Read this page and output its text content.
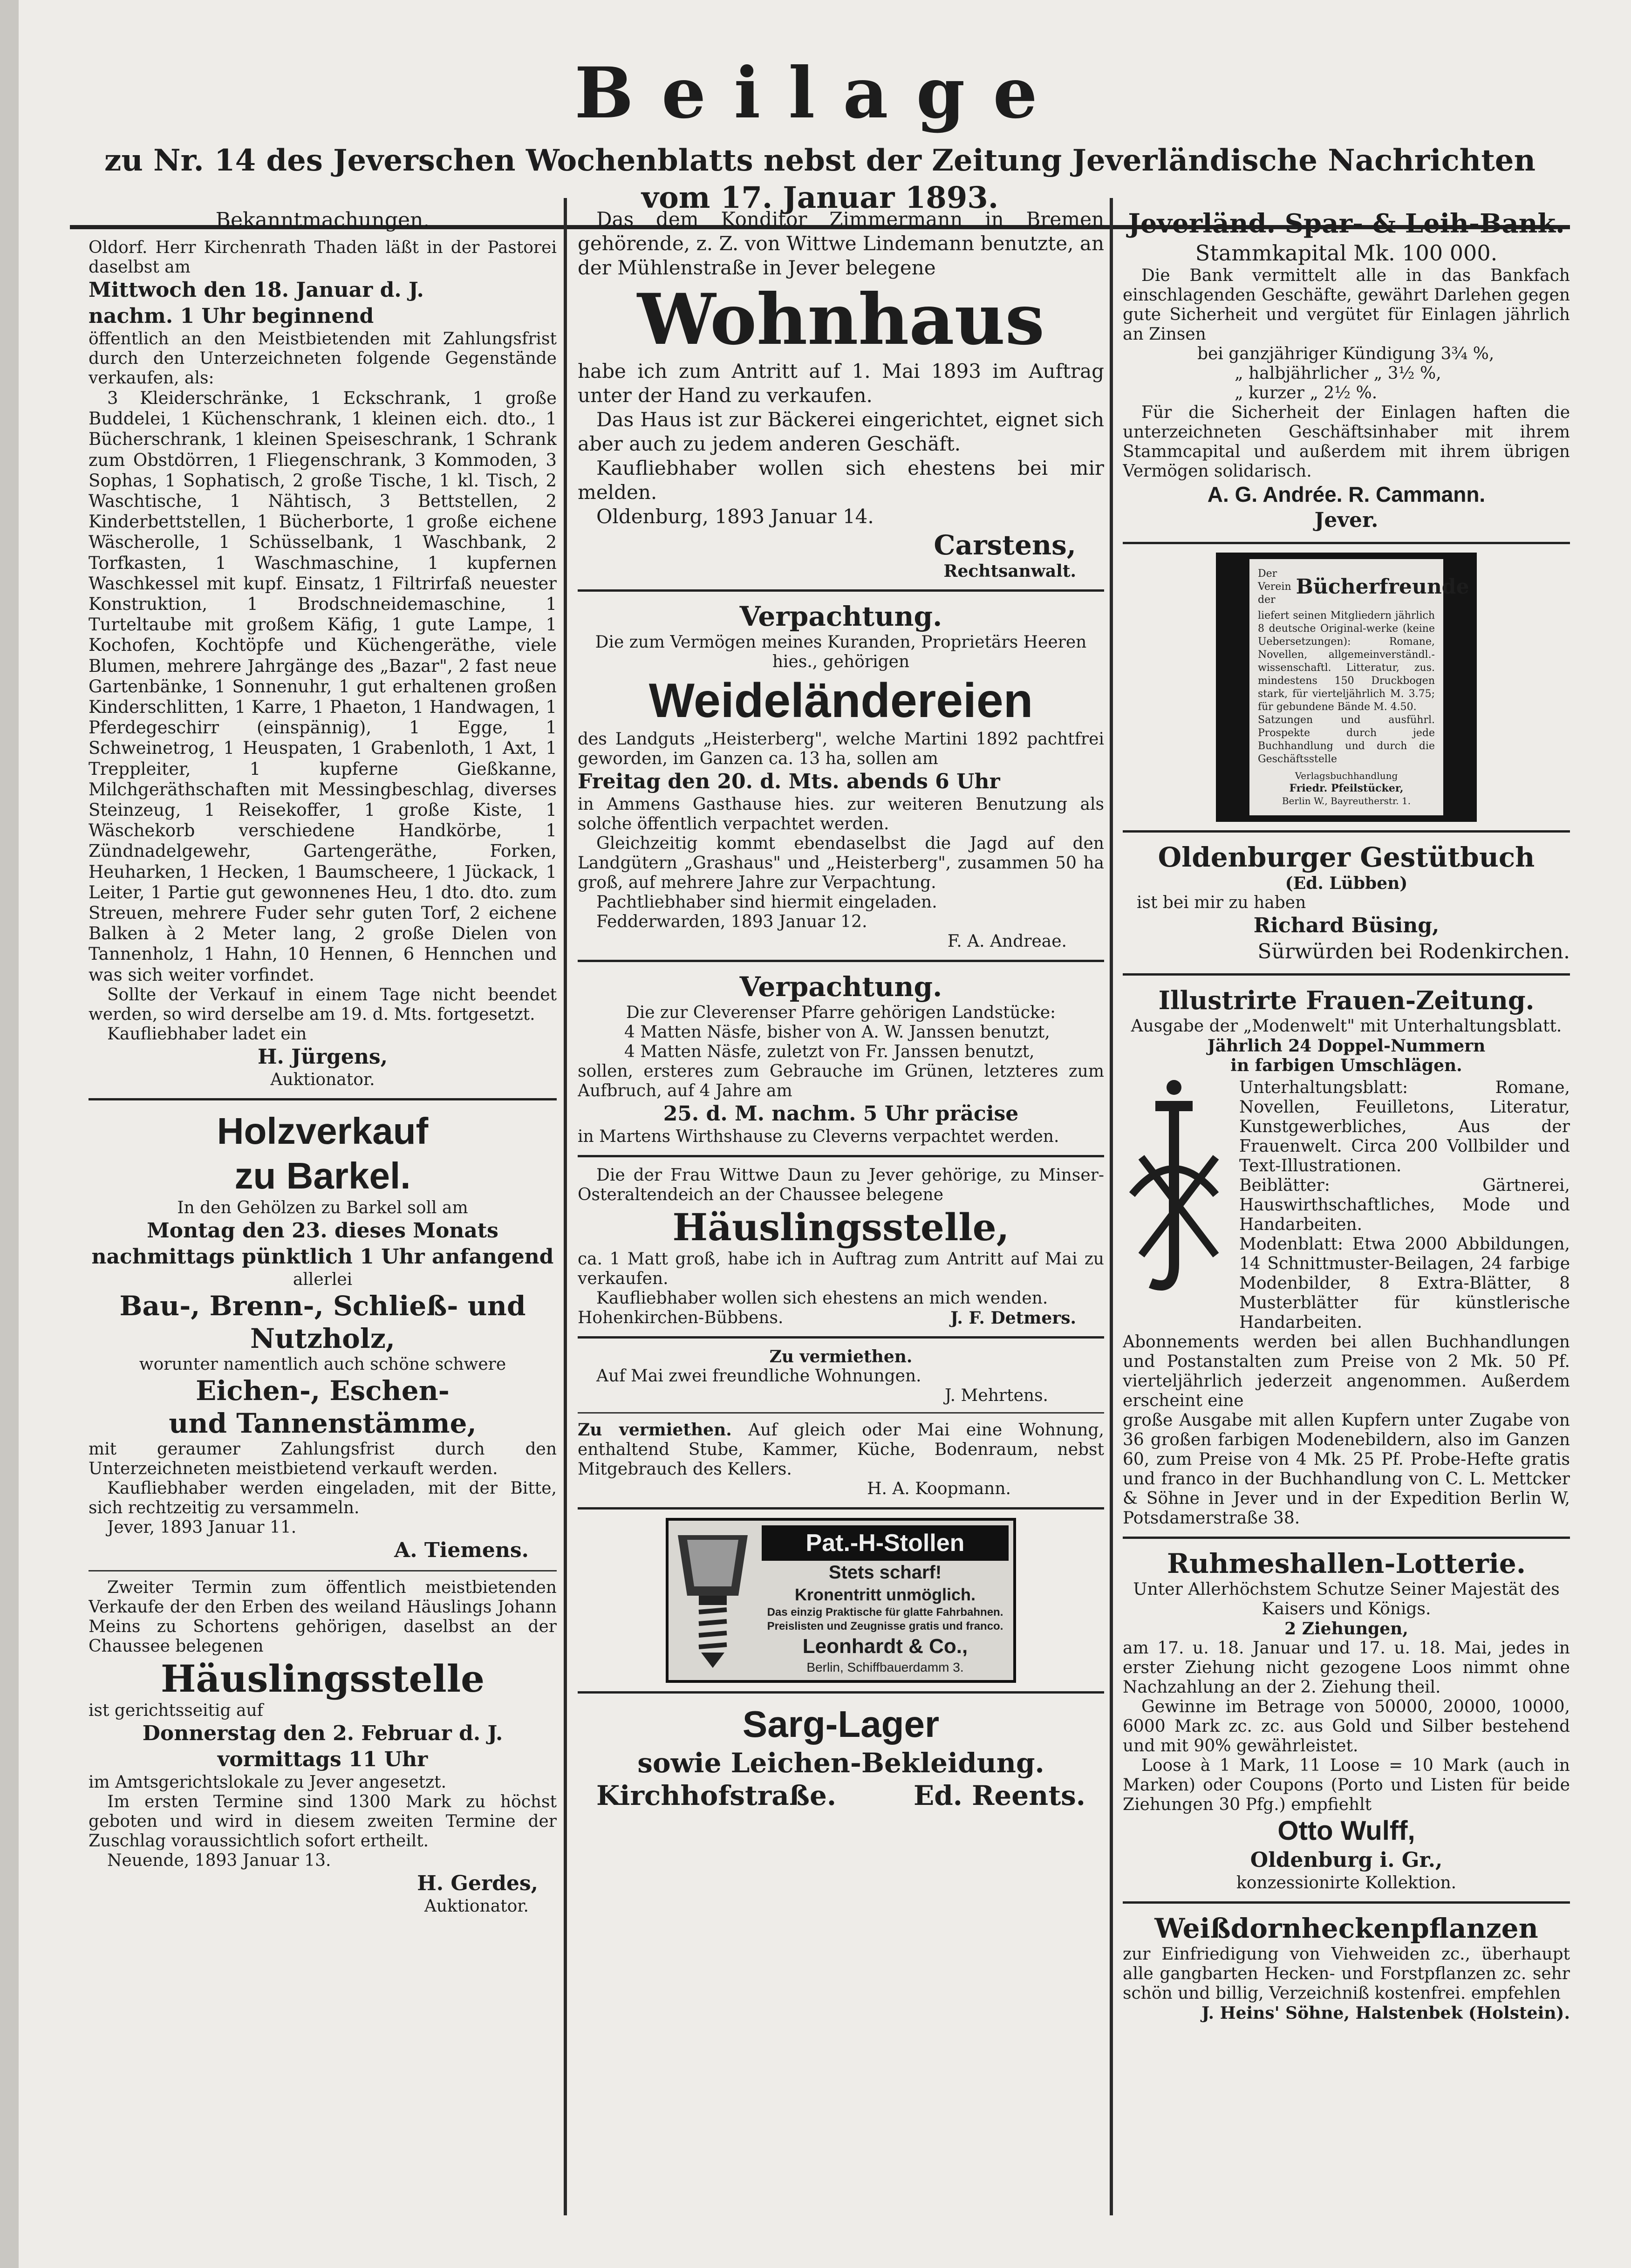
Beilage
zu Nr. 14 des Jeverschen Wochenblatts nebst der Zeitung Jeverländische Nachrichten vom 17. Januar 1893.

Bekanntmachungen.

Oldorf. Herr Kirchenrath Thaden läßt in der Pastorei daselbst am

Mittwoch den 18. Januar d. J.

nachm. 1 Uhr beginnend

öffentlich an den Meistbietenden mit Zahlungsfrist durch den Unterzeichneten folgende Gegenstände verkaufen, als:

3 Kleiderschränke, 1 Eckschrank, 1 große Buddelei, 1 Küchenschrank, 1 kleinen eich. dto., 1 Bücherschrank, 1 kleinen Speiseschrank, 1 Schrank zum Obstdörren, 1 Fliegenschrank, 3 Kommoden, 3 Sophas, 1 Sophatisch, 2 große Tische, 1 kl. Tisch, 2 Waschtische, 1 Nähtisch, 3 Bettstellen, 2 Kinderbettstellen, 1 Bücherborte, 1 große eichene Wäscherolle, 1 Schüsselbank, 1 Waschbank, 2 Torfkasten, 1 Waschmaschine, 1 kupfernen Waschkessel mit kupf. Einsatz, 1 Filtrirfaß neuester Konstruktion, 1 Brodschneidemaschine, 1 Turteltaube mit großem Käfig, 1 gute Lampe, 1 Kochofen, Kochtöpfe und Küchengeräthe, viele Blumen, mehrere Jahrgänge des „Bazar", 2 fast neue Gartenbänke, 1 Sonnenuhr, 1 gut erhaltenen großen Kinderschlitten, 1 Karre, 1 Phaeton, 1 Handwagen, 1 Pferdegeschirr (einspännig), 1 Egge, 1 Schweinetrog, 1 Heuspaten, 1 Grabenloth, 1 Axt, 1 Treppleiter, 1 kupferne Gießkanne, Milchgeräthschaften mit Messingbeschlag, diverses Steinzeug, 1 Reisekoffer, 1 große Kiste, 1 Wäschekorb verschiedene Handkörbe, 1 Zündnadelgewehr, Gartengeräthe, Forken, Heuharken, 1 Hecken, 1 Baumscheere, 1 Jückack, 1 Leiter, 1 Partie gut gewonnenes Heu, 1 dto. dto. zum Streuen, mehrere Fuder sehr guten Torf, 2 eichene Balken à 2 Meter lang, 2 große Dielen von Tannenholz, 1 Hahn, 10 Hennen, 6 Hennchen und was sich weiter vorfindet.

Sollte der Verkauf in einem Tage nicht beendet werden, so wird derselbe am 19. d. Mts. fortgesetzt.

Kaufliebhaber ladet ein

H. Jürgens,

Auktionator.

Holzverkauf

zu Barkel.

In den Gehölzen zu Barkel soll am

Montag den 23. dieses Monats

nachmittags pünktlich 1 Uhr anfangend

allerlei

Bau-, Brenn-, Schließ- und

Nutzholz,

worunter namentlich auch schöne schwere

Eichen-, Eschen-

und Tannenstämme,

mit geraumer Zahlungsfrist durch den Unterzeichneten meistbietend verkauft werden.

Kaufliebhaber werden eingeladen, mit der Bitte, sich rechtzeitig zu versammeln.

Jever, 1893 Januar 11.

A. Tiemens.

Zweiter Termin zum öffentlich meistbietenden Verkaufe der den Erben des weiland Häuslings Johann Meins zu Schortens gehörigen, daselbst an der Chaussee belegenen

Häuslingsstelle

ist gerichtsseitig auf

Donnerstag den 2. Februar d. J.

vormittags 11 Uhr

im Amtsgerichtslokale zu Jever angesetzt.

Im ersten Termine sind 1300 Mark zu höchst geboten und wird in diesem zweiten Termine der Zuschlag voraussichtlich sofort ertheilt.

Neuende, 1893 Januar 13.

H. Gerdes,

Auktionator.

Das dem Konditor Zimmermann in Bremen gehörende, z. Z. von Wittwe Lindemann benutzte, an der Mühlenstraße in Jever belegene

Wohnhaus

habe ich zum Antritt auf 1. Mai 1893 im Auftrag unter der Hand zu verkaufen.

Das Haus ist zur Bäckerei eingerichtet, eignet sich aber auch zu jedem anderen Geschäft.

Kaufliebhaber wollen sich ehestens bei mir melden.

Oldenburg, 1893 Januar 14.

Carstens,

Rechtsanwalt.

Verpachtung.

Die zum Vermögen meines Kuranden, Proprietärs Heeren hies., gehörigen

Weideländereien

des Landguts „Heisterberg", welche Martini 1892 pachtfrei geworden, im Ganzen ca. 13 ha, sollen am

Freitag den 20. d. Mts. abends 6 Uhr

in Ammens Gasthause hies. zur weiteren Benutzung als solche öffentlich verpachtet werden.

Gleichzeitig kommt ebendaselbst die Jagd auf den Landgütern „Grashaus" und „Heisterberg", zusammen 50 ha groß, auf mehrere Jahre zur Verpachtung.

Pachtliebhaber sind hiermit eingeladen.

Fedderwarden, 1893 Januar 12.

F. A. Andreae.

Verpachtung.

Die zur Cleverenser Pfarre gehörigen Landstücke:

4 Matten Näsfe, bisher von A. W. Janssen benutzt,

4 Matten Näsfe, zuletzt von Fr. Janssen benutzt,

sollen, ersteres zum Gebrauche im Grünen, letzteres zum Aufbruch, auf 4 Jahre am

25. d. M. nachm. 5 Uhr präcise

in Martens Wirthshause zu Cleverns verpachtet werden.

Die der Frau Wittwe Daun zu Jever gehörige, zu Minser-Osteraltendeich an der Chaussee belegene

Häuslingsstelle,

ca. 1 Matt groß, habe ich in Auftrag zum Antritt auf Mai zu verkaufen.

Kaufliebhaber wollen sich ehestens an mich wenden.

Hohenkirchen-Bübbens.	J. F. Detmers.

Zu vermiethen.

Auf Mai zwei freundliche Wohnungen.

J. Mehrtens.

Zu vermiethen. Auf gleich oder Mai eine Wohnung, enthaltend Stube, Kammer, Küche, Bodenraum, nebst Mitgebrauch des Kellers.

H. A. Koopmann.

Pat.-H-Stollen

Stets scharf!

Kronentritt unmöglich.

Das einzig Praktische für glatte Fahrbahnen.

Preislisten und Zeugnisse gratis und franco.

Leonhardt & Co.,

Berlin, Schiffbauerdamm 3.

Sarg-Lager

sowie Leichen-Bekleidung.

Kirchhofstraße.	Ed. Reents.

Jeverländ. Spar- & Leih-Bank.

Stammkapital Mk. 100 000.

Die Bank vermittelt alle in das Bankfach einschlagenden Geschäfte, gewährt Darlehen gegen gute Sicherheit und vergütet für Einlagen jährlich an Zinsen

bei ganzjähriger Kündigung 3¾ %,

„ halbjährlicher „ 3½ %,

„ kurzer „ 2½ %.

Für die Sicherheit der Einlagen haften die unterzeichneten Geschäftsinhaber mit ihrem Stammcapital und außerdem mit ihrem übrigen Vermögen solidarisch.

A. G. Andrée. R. Cammann.

Jever.

Der
Verein
der
Bücherfreunde

liefert seinen Mitgliedern jährlich 8 deutsche Original-werke (keine Uebersetzungen): Romane, Novellen, allgemeinverständl.-wissenschaftl. Litteratur, zus. mindestens 150 Druckbogen stark, für vierteljährlich M. 3.75; für gebundene Bände M. 4.50.

Satzungen und ausführl. Prospekte durch jede Buchhandlung und durch die Geschäftsstelle

Verlagsbuchhandlung

Friedr. Pfeilstücker,

Berlin W., Bayreutherstr. 1.

Oldenburger Gestütbuch

(Ed. Lübben)

ist bei mir zu haben

Richard Büsing,

Sürwürden bei Rodenkirchen.

Illustrirte Frauen-Zeitung.

Ausgabe der „Modenwelt" mit Unterhaltungsblatt.

Jährlich 24 Doppel-Nummern

in farbigen Umschlägen.

Unterhaltungsblatt: Romane, Novellen, Feuilletons, Literatur, Kunstgewerbliches, Aus der Frauenwelt. Circa 200 Vollbilder und Text-Illustrationen.

Beiblätter: Gärtnerei, Hauswirthschaftliches, Mode und Handarbeiten.

Modenblatt: Etwa 2000 Abbildungen, 14 Schnittmuster-Beilagen, 24 farbige Modenbilder, 8 Extra-Blätter, 8 Musterblätter für künstlerische Handarbeiten.

Abonnements werden bei allen Buchhandlungen und Postanstalten zum Preise von 2 Mk. 50 Pf. vierteljährlich jederzeit angenommen. Außerdem erscheint eine

große Ausgabe mit allen Kupfern unter Zugabe von 36 großen farbigen Modenebildern, also im Ganzen 60, zum Preise von 4 Mk. 25 Pf. Probe-Hefte gratis und franco in der Buchhandlung von C. L. Mettcker & Söhne in Jever und in der Expedition Berlin W, Potsdamerstraße 38.

Ruhmeshallen-Lotterie.

Unter Allerhöchstem Schutze Seiner Majestät des Kaisers und Königs.

2 Ziehungen,

am 17. u. 18. Januar und 17. u. 18. Mai, jedes in erster Ziehung nicht gezogene Loos nimmt ohne Nachzahlung an der 2. Ziehung theil.

Gewinne im Betrage von 50000, 20000, 10000, 6000 Mark zc. zc. aus Gold und Silber bestehend und mit 90% gewährleistet.

Loose à 1 Mark, 11 Loose = 10 Mark (auch in Marken) oder Coupons (Porto und Listen für beide Ziehungen 30 Pfg.) empfiehlt

Otto Wulff,

Oldenburg i. Gr.,

konzessionirte Kollektion.

Weißdornheckenpflanzen

zur Einfriedigung von Viehweiden zc., überhaupt alle gangbarten Hecken- und Forstpflanzen zc. sehr schön und billig, Verzeichniß kostenfrei. empfehlen

J. Heins' Söhne, Halstenbek (Holstein).
